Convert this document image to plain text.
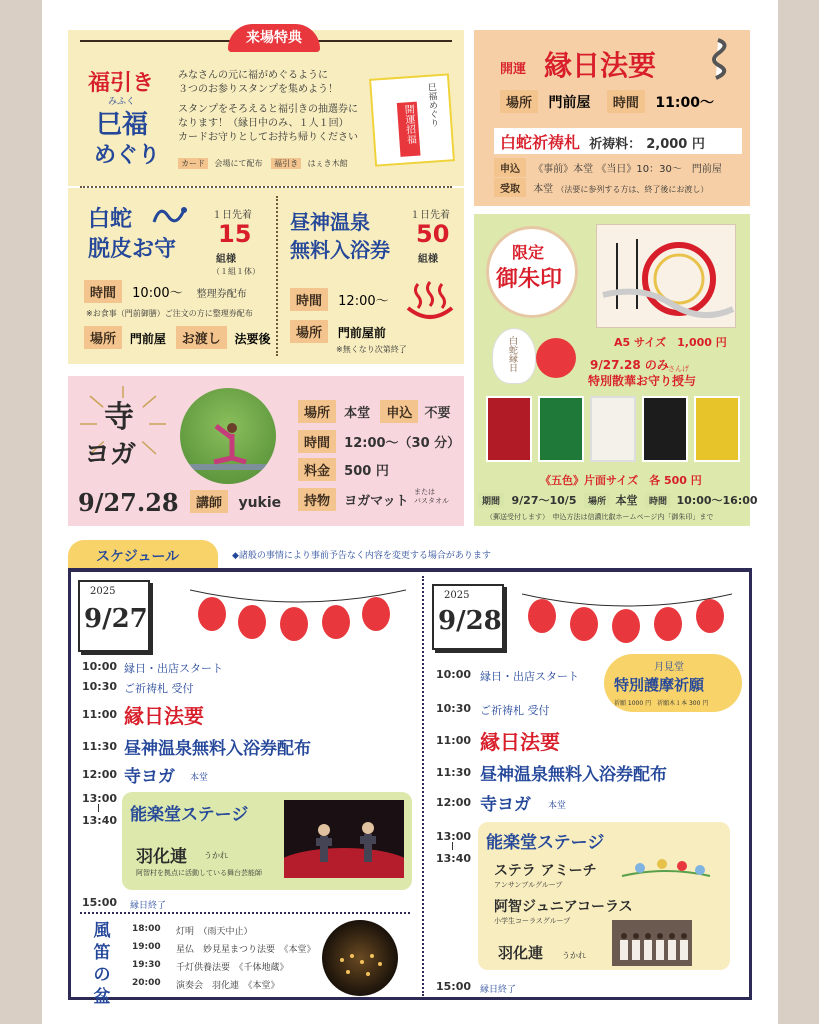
来場特典
福引き
みふく
巳福
めぐり
みなさんの元に福がめぐるように
３つのお参りスタンプを集めよう！
スタンプをそろえると福引きの抽選券に
なります！（縁日中のみ、１人１回）
カードお守りとしてお持ち帰りください
カード 会場にて配布 福引き はぇき木館
巳福めぐり
開運招福
白蛇
脱皮お守
１日先着
15
組様
（１組１体）
時間 10:00〜 整理券配布
※お食事（門前御膳）ご注文の方に整理券配布
場所 門前屋 お渡し 法要後
昼神温泉
無料入浴券
１日先着
50
組様
時間 12:00〜
場所 門前屋前
※無くなり次第終了
開運 縁日法要
場所 門前屋 時間 11:00〜
白蛇祈祷札 祈祷料： 2,000 円
申込 《事前》本堂 《当日》10：30〜　門前屋
受取 本堂 （法要に参列する方は、終了後にお渡し）
限定
御朱印
A5 サイズ　1,000 円
白蛇縁日	9/27.28 のみ さんげ
特別散華お守り授与
《五色》片面サイズ　各 500 円
期間 9/27〜10/5 場所 本堂 時間 10:00〜16:00
（郵送受付します）　申込方法は信濃比叡ホームページ内「御朱印」まで
寺
ヨガ
9/27.28	講師 yukie
場所 本堂 申込 不要
時間 12:00〜（30 分）
料金 500 円
持物 ヨガマット
または
バスタオル
スケジュール	◆諸般の事情により事前予告なく内容を変更する場合があります
2025
9/27
10:00 縁日・出店スタート
10:30 ご祈祷札 受付
11:00 縁日法要
11:30 昼神温泉無料入浴券配布
12:00 寺ヨガ 本堂
13:00
13:40 能楽堂ステージ
羽化連 うかれ
阿智村を拠点に活動している舞台芸能師
15:00 縁日終了
風笛の盆
18:00 灯明　（雨天中止）
19:00 星仏　妙見星まつり法要　《本堂》
19:30 千灯供養法要　《千体地蔵》
20:00 演奏会　羽化連　《本堂》
2025
9/28
月見堂
特別護摩祈願
祈願 1000 円　祈願木１本 300 円
10:00 縁日・出店スタート
10:30 ご祈祷札 受付
11:00 縁日法要
11:30 昼神温泉無料入浴券配布
12:00 寺ヨガ 本堂
13:00
13:40
能楽堂ステージ
ステラ アミーチ
アンサンブルグループ
阿智ジュニアコーラス
小学生コーラスグループ
羽化連 うかれ
15:00 縁日終了
